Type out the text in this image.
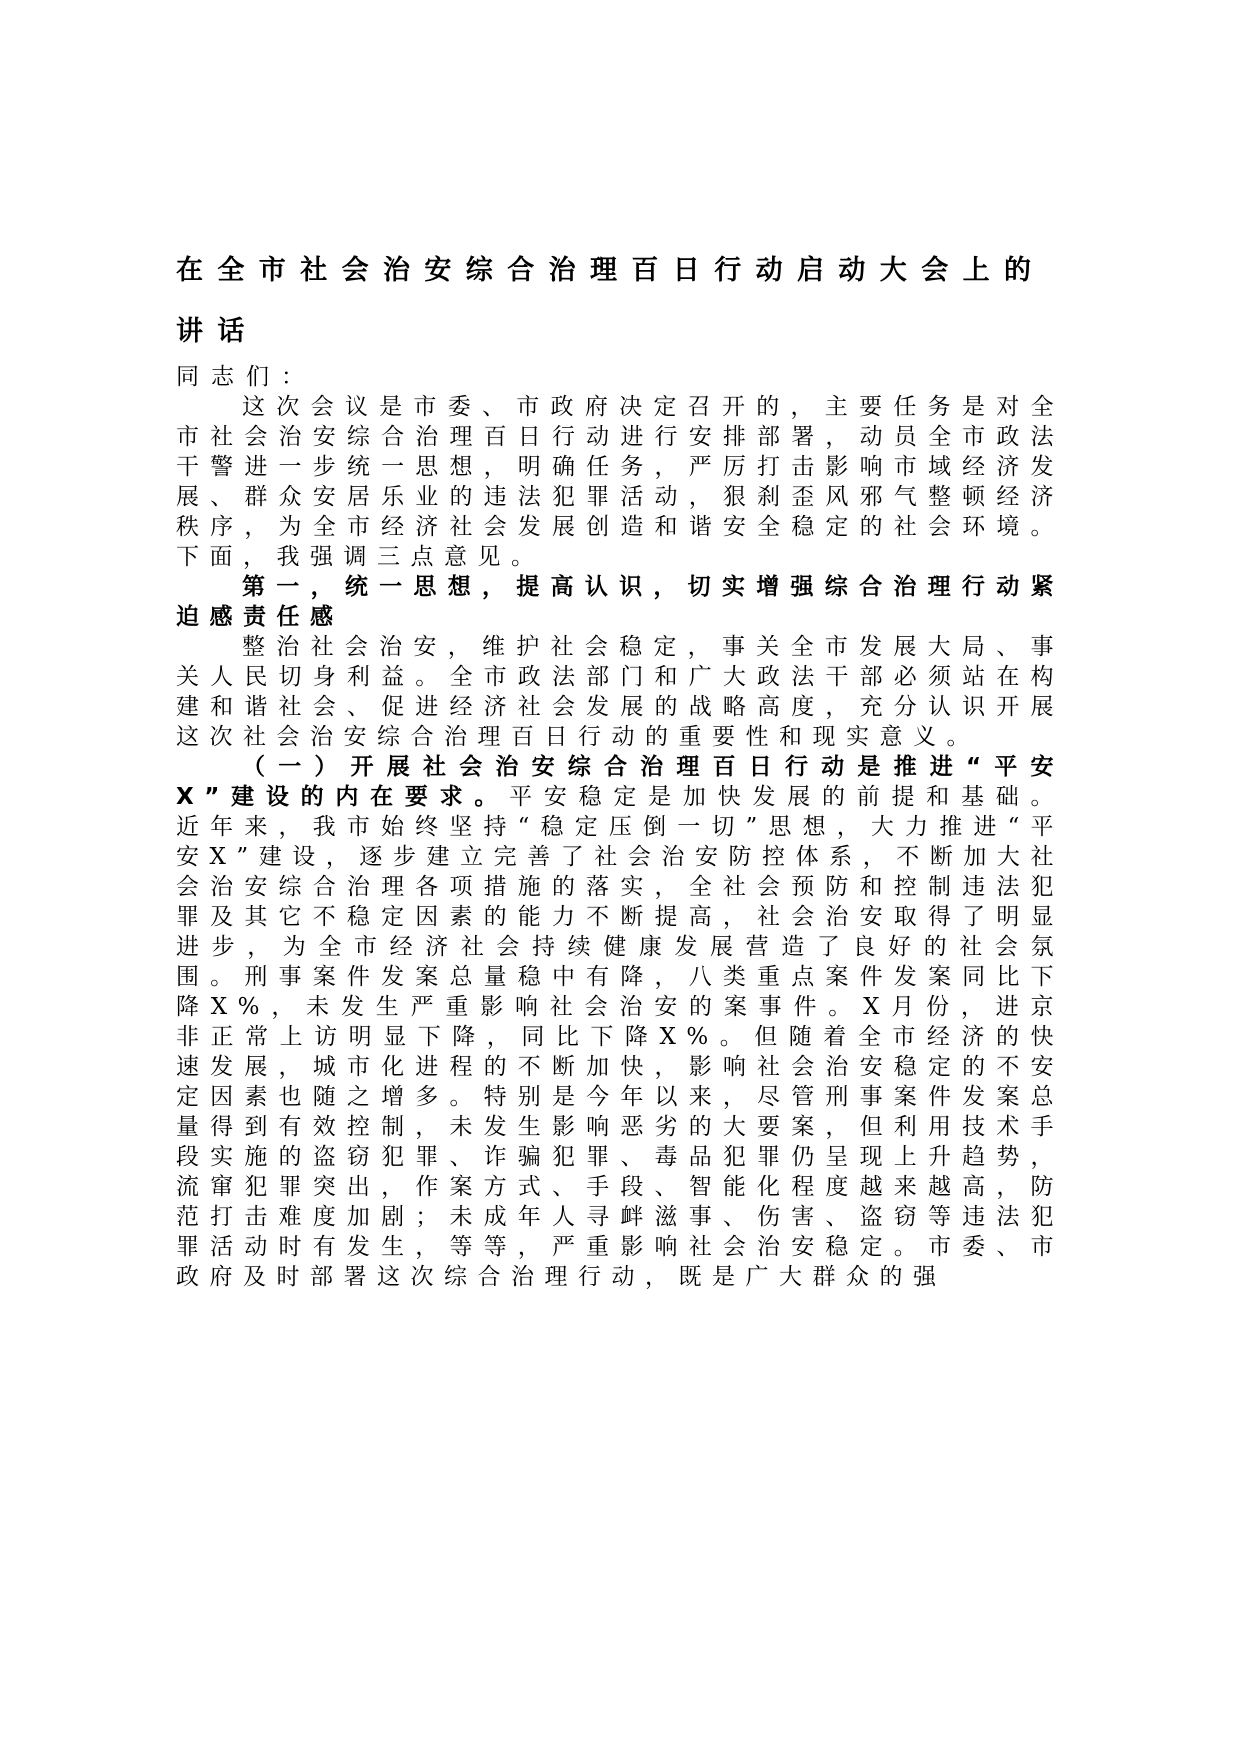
在全市社会治安综合治理百日行动启动大会上的讲话

同志们：

这次会议是市委、市政府决定召开的，主要任务是对全市社会治安综合治理百日行动进行安排部署，动员全市政法干警进一步统一思想，明确任务，严厉打击影响市域经济发展、群众安居乐业的违法犯罪活动，狠刹歪风邪气整顿经济秩序，为全市经济社会发展创造和谐安全稳定的社会环境。下面，我强调三点意见。

第一，统一思想，提高认识，切实增强综合治理行动紧迫感责任感

整治社会治安，维护社会稳定，事关全市发展大局、事关人民切身利益。全市政法部门和广大政法干部必须站在构建和谐社会、促进经济社会发展的战略高度，充分认识开展这次社会治安综合治理百日行动的重要性和现实意义。

（一）开展社会治安综合治理百日行动是推进“平安X”建设的内在要求。平安稳定是加快发展的前提和基础。近年来，我市始终坚持“稳定压倒一切”思想，大力推进“平安X”建设，逐步建立完善了社会治安防控体系，不断加大社会治安综合治理各项措施的落实，全社会预防和控制违法犯罪及其它不稳定因素的能力不断提高，社会治安取得了明显进步，为全市经济社会持续健康发展营造了良好的社会氛围。刑事案件发案总量稳中有降，八类重点案件发案同比下降X%，未发生严重影响社会治安的案事件。X月份，进京非正常上访明显下降，同比下降X%。但随着全市经济的快速发展，城市化进程的不断加快，影响社会治安稳定的不安定因素也随之增多。特别是今年以来，尽管刑事案件发案总量得到有效控制，未发生影响恶劣的大要案，但利用技术手段实施的盗窃犯罪、诈骗犯罪、毒品犯罪仍呈现上升趋势，流窜犯罪突出，作案方式、手段、智能化程度越来越高，防范打击难度加剧；未成年人寻衅滋事、伤害、盗窃等违法犯罪活动时有发生，等等，严重影响社会治安稳定。市委、市政府及时部署这次综合治理行动，既是广大群众的强
